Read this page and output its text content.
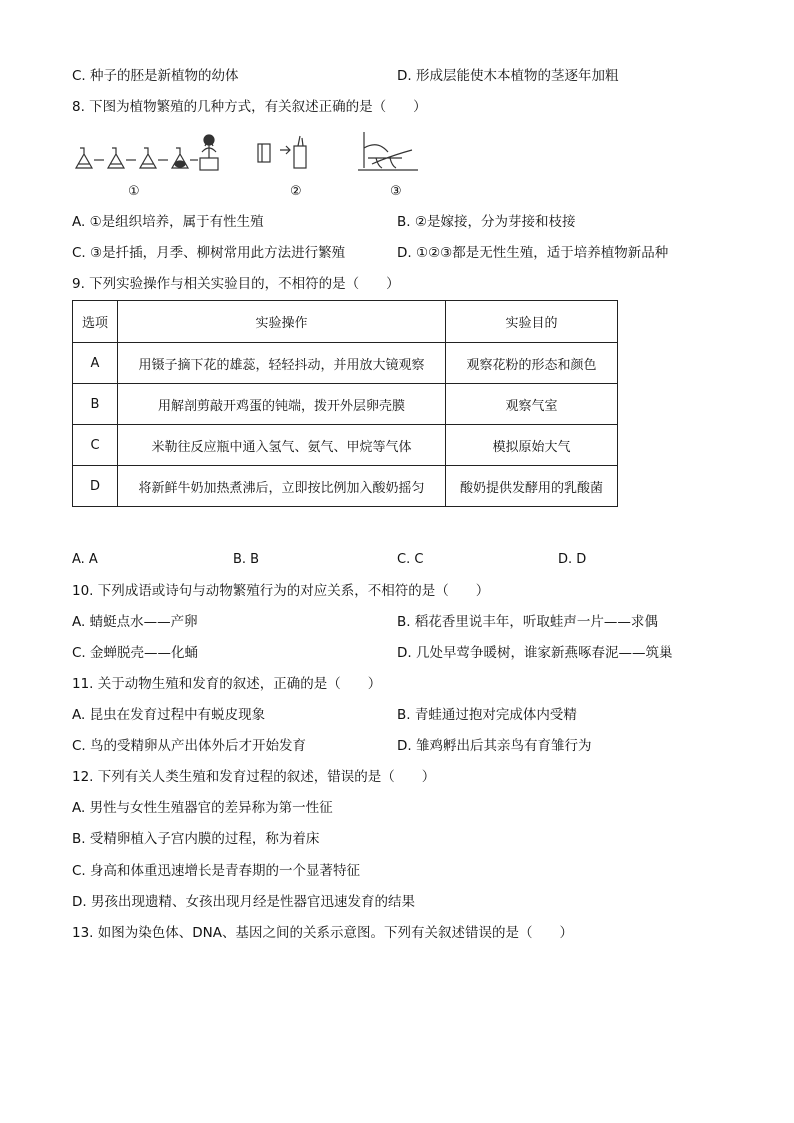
C. 种子的胚是新植物的幼体	D. 形成层能使木本植物的茎逐年加粗
8. 下图为植物繁殖的几种方式，有关叙述正确的是（　　）
①	②	③
A. ①是组织培养，属于有性生殖	B. ②是嫁接，分为芽接和枝接
C. ③是扦插，月季、柳树常用此方法进行繁殖	D. ①②③都是无性生殖，适于培养植物新品种
9. 下列实验操作与相关实验目的，不相符的是（　　）
选项	实验操作	实验目的
A	用镊子摘下花的雄蕊，轻轻抖动，并用放大镜观察	观察花粉的形态和颜色
B	用解剖剪敲开鸡蛋的钝端，拨开外层卵壳膜	观察气室
C	米勒往反应瓶中通入氢气、氨气、甲烷等气体	模拟原始大气
D	将新鲜牛奶加热煮沸后，立即按比例加入酸奶摇匀	酸奶提供发酵用的乳酸菌
A. A	B. B	C. C	D. D
10. 下列成语或诗句与动物繁殖行为的对应关系，不相符的是（　　）
A. 蜻蜓点水——产卵	B. 稻花香里说丰年，听取蛙声一片——求偶
C. 金蝉脱壳——化蛹	D. 几处早莺争暖树，谁家新燕啄春泥——筑巢
11. 关于动物生殖和发育的叙述，正确的是（　　）
A. 昆虫在发育过程中有蜕皮现象	B. 青蛙通过抱对完成体内受精
C. 鸟的受精卵从产出体外后才开始发育	D. 雏鸡孵出后其亲鸟有育雏行为
12. 下列有关人类生殖和发育过程的叙述，错误的是（　　）
A. 男性与女性生殖器官的差异称为第一性征
B. 受精卵植入子宫内膜的过程，称为着床
C. 身高和体重迅速增长是青春期的一个显著特征
D. 男孩出现遗精、女孩出现月经是性器官迅速发育的结果
13. 如图为染色体、DNA、基因之间的关系示意图。下列有关叙述错误的是（　　）
